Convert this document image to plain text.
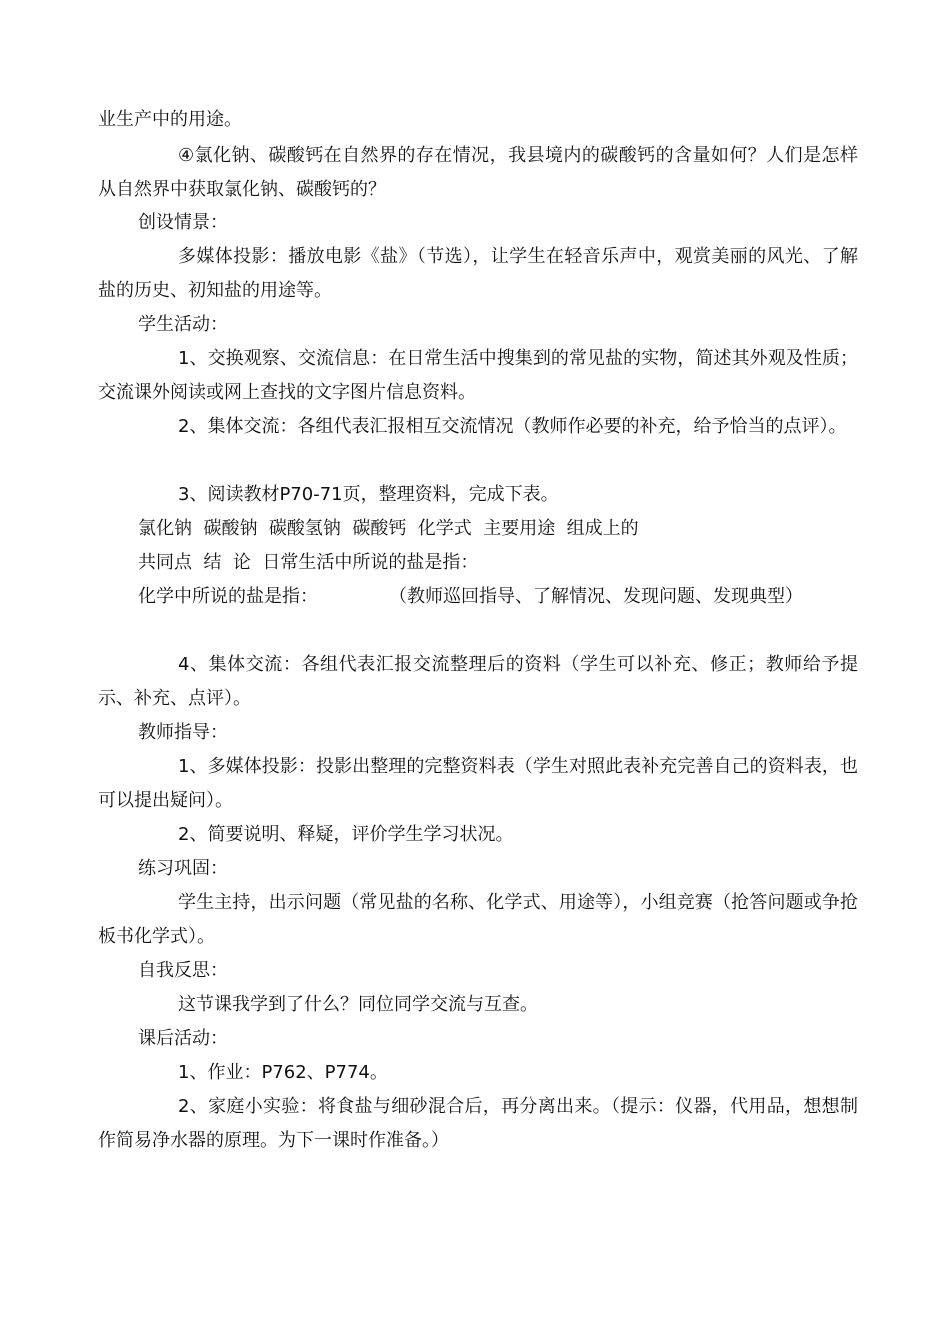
业生产中的用途。
④氯化钠、碳酸钙在自然界的存在情况，我县境内的碳酸钙的含量如何？人们是怎样从自然界中获取氯化钠、碳酸钙的？
创设情景：
多媒体投影：播放电影《盐》（节选），让学生在轻音乐声中，观赏美丽的风光、了解盐的历史、初知盐的用途等。
学生活动：
1、交换观察、交流信息：在日常生活中搜集到的常见盐的实物，简述其外观及性质；交流课外阅读或网上查找的文字图片信息资料。
2、集体交流：各组代表汇报相互交流情况（教师作必要的补充，给予恰当的点评）。
3、阅读教材P70-71页，整理资料，完成下表。
氯化钠  碳酸钠  碳酸氢钠  碳酸钙  化学式  主要用途  组成上的
共同点  结  论  日常生活中所说的盐是指：
化学中所说的盐是指：	（教师巡回指导、了解情况、发现问题、发现典型）
4、集体交流：各组代表汇报交流整理后的资料（学生可以补充、修正；教师给予提示、补充、点评）。
教师指导：
1、多媒体投影：投影出整理的完整资料表（学生对照此表补充完善自己的资料表，也可以提出疑问）。
2、简要说明、释疑，评价学生学习状况。
练习巩固：
学生主持，出示问题（常见盐的名称、化学式、用途等），小组竞赛（抢答问题或争抢板书化学式）。
自我反思：
这节课我学到了什么？同位同学交流与互查。
课后活动：
1、作业：P762、P774。
2、家庭小实验：将食盐与细砂混合后，再分离出来。（提示：仪器，代用品，想想制作简易净水器的原理。为下一课时作准备。）
